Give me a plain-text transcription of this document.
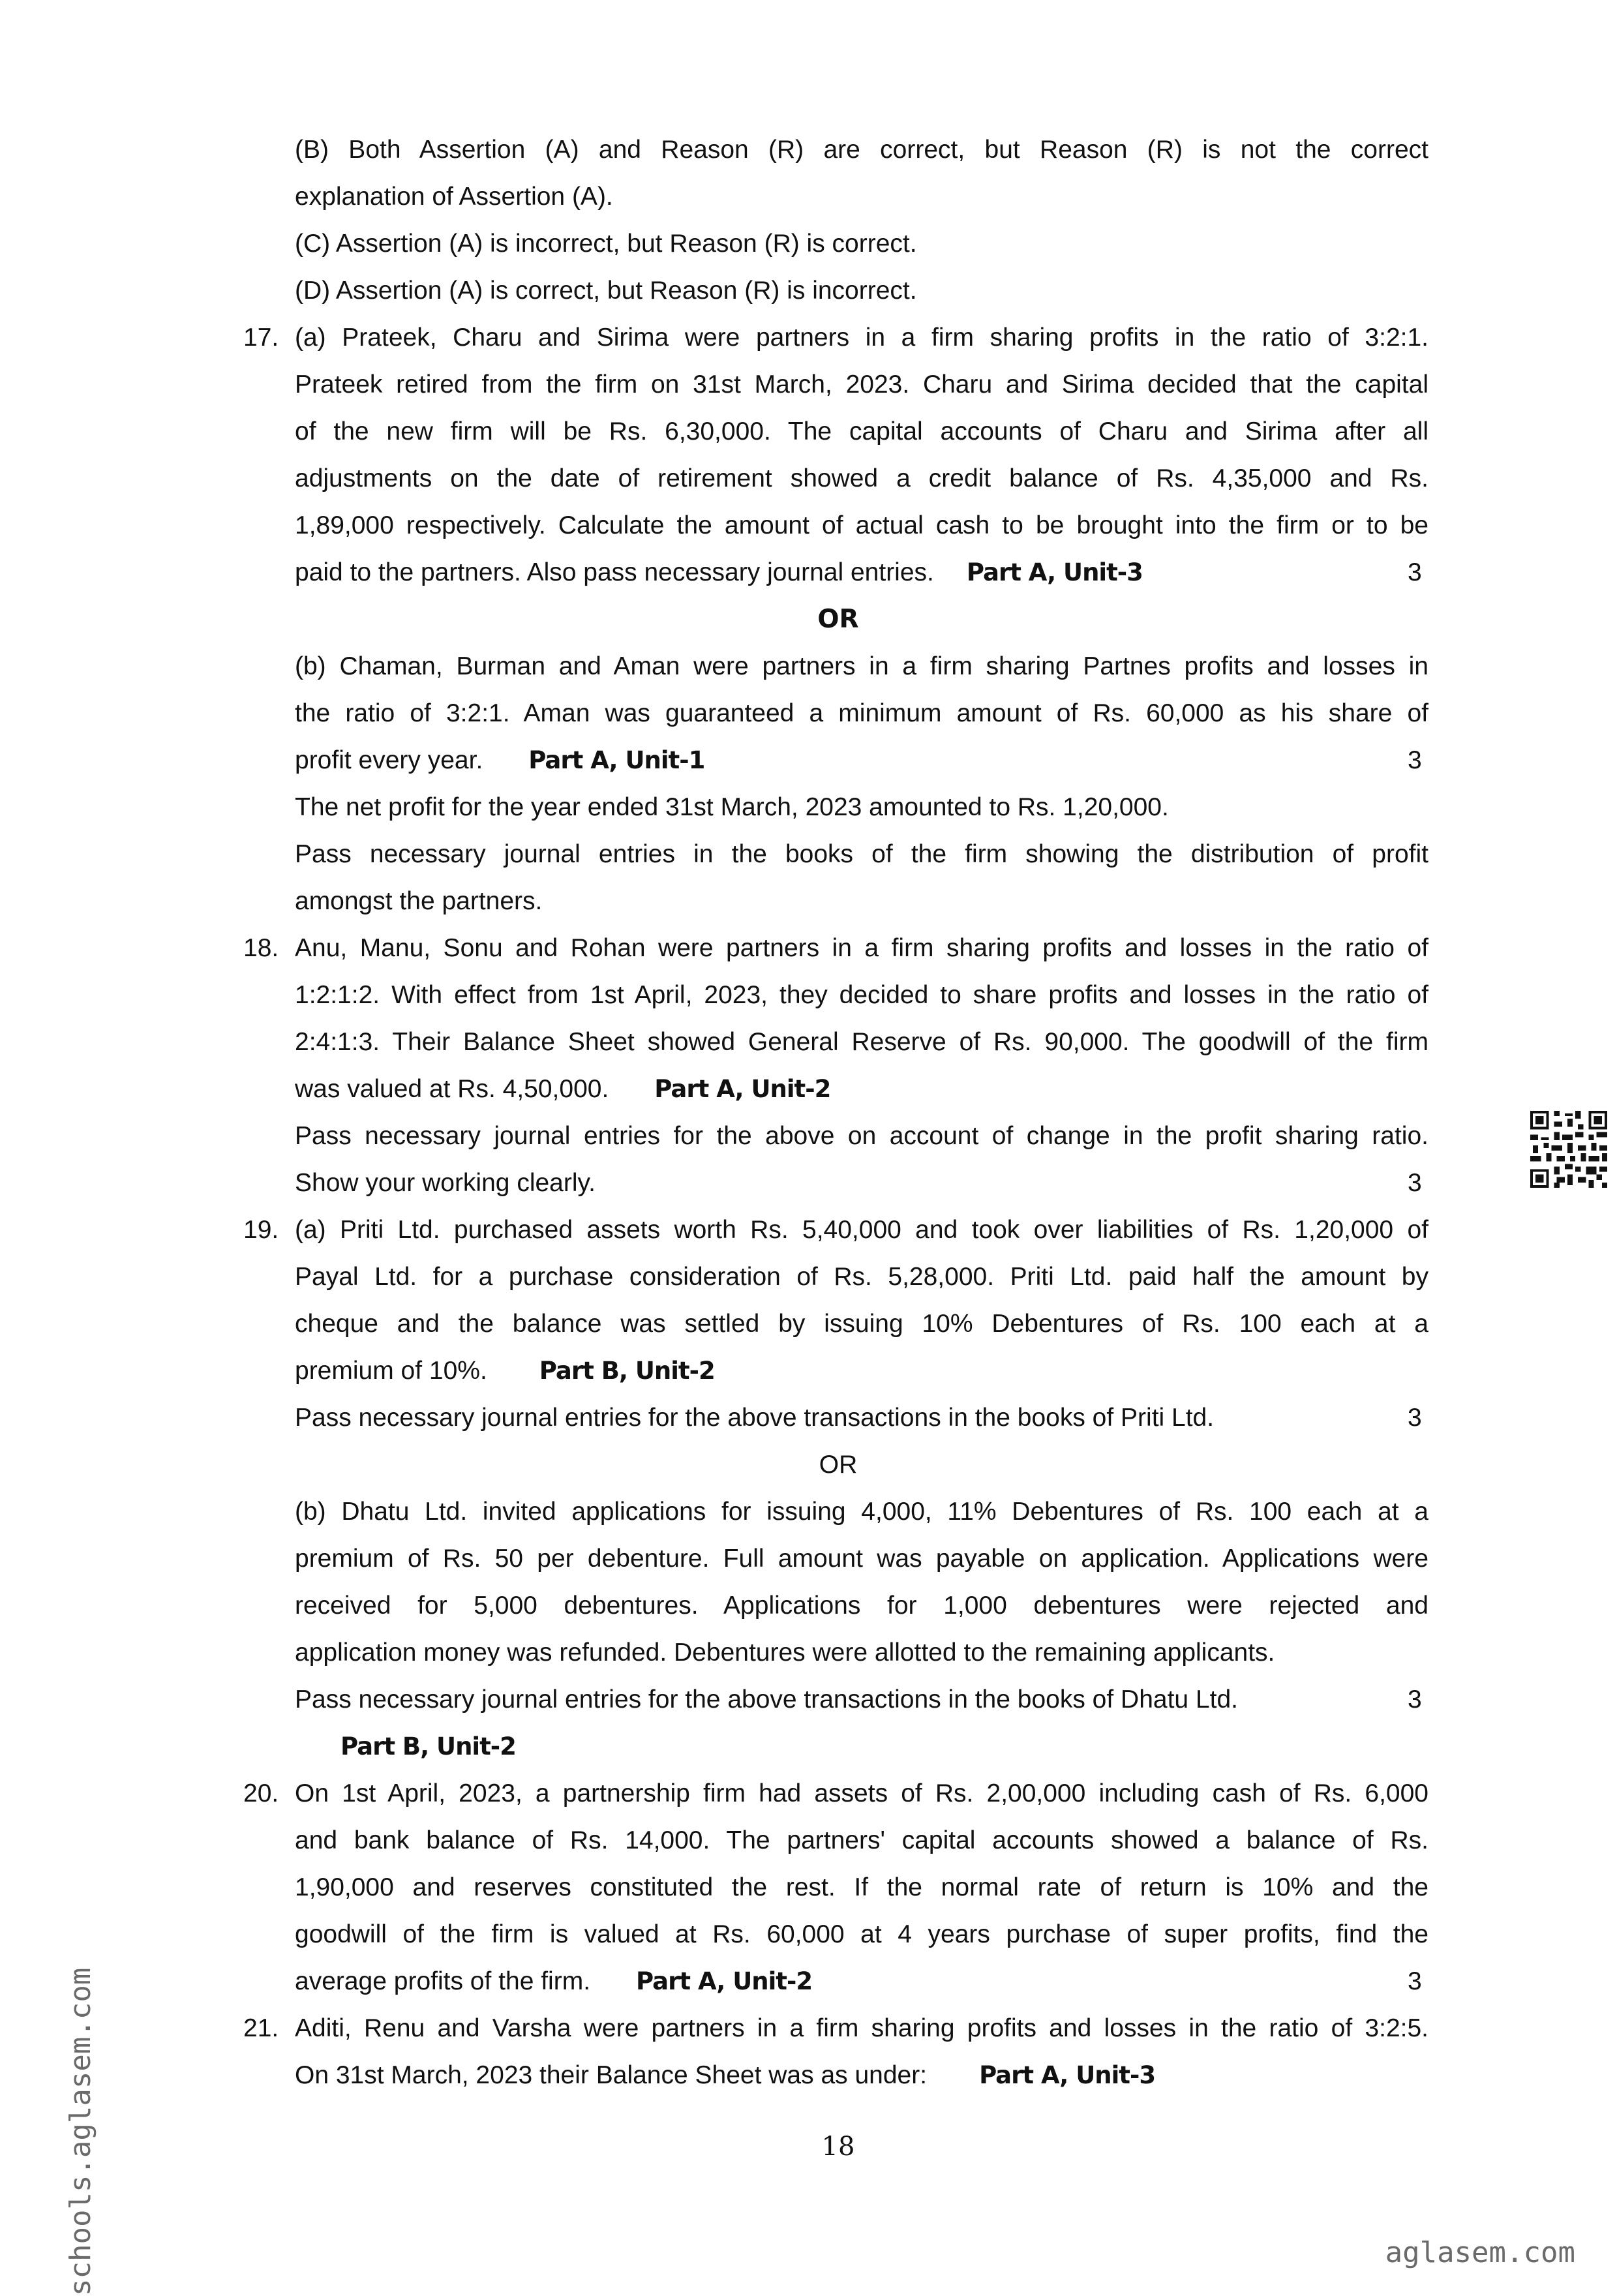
(B) Both Assertion (A) and Reason (R) are correct, but Reason (R) is not the correct
explanation of Assertion (A).
(C) Assertion (A) is incorrect, but Reason (R) is correct.
(D) Assertion (A) is correct, but Reason (R) is incorrect.
17. (a) Prateek, Charu and Sirima were partners in a firm sharing profits in the ratio of 3:2:1.
Prateek retired from the firm on 31st March, 2023. Charu and Sirima decided that the capital
of the new firm will be Rs. 6,30,000. The capital accounts of Charu and Sirima after all
adjustments on the date of retirement showed a credit balance of Rs. 4,35,000 and Rs.
1,89,000 respectively. Calculate the amount of actual cash to be brought into the firm or to be
paid to the partners. Also pass necessary journal entries. Part A, Unit-3	3
OR
(b) Chaman, Burman and Aman were partners in a firm sharing Partnes profits and losses in
the ratio of 3:2:1. Aman was guaranteed a minimum amount of Rs. 60,000 as his share of
profit every year. Part A, Unit-1	3
The net profit for the year ended 31st March, 2023 amounted to Rs. 1,20,000.
Pass necessary journal entries in the books of the firm showing the distribution of profit
amongst the partners.
18. Anu, Manu, Sonu and Rohan were partners in a firm sharing profits and losses in the ratio of
1:2:1:2. With effect from 1st April, 2023, they decided to share profits and losses in the ratio of
2:4:1:3. Their Balance Sheet showed General Reserve of Rs. 90,000. The goodwill of the firm
was valued at Rs. 4,50,000. Part A, Unit-2
Pass necessary journal entries for the above on account of change in the profit sharing ratio.
Show your working clearly.	3
19. (a) Priti Ltd. purchased assets worth Rs. 5,40,000 and took over liabilities of Rs. 1,20,000 of
Payal Ltd. for a purchase consideration of Rs. 5,28,000. Priti Ltd. paid half the amount by
cheque and the balance was settled by issuing 10% Debentures of Rs. 100 each at a
premium of 10%. Part B, Unit-2
Pass necessary journal entries for the above transactions in the books of Priti Ltd.	3
OR
(b) Dhatu Ltd. invited applications for issuing 4,000, 11% Debentures of Rs. 100 each at a
premium of Rs. 50 per debenture. Full amount was payable on application. Applications were
received for 5,000 debentures. Applications for 1,000 debentures were rejected and
application money was refunded. Debentures were allotted to the remaining applicants.
Pass necessary journal entries for the above transactions in the books of Dhatu Ltd.	3
Part B, Unit-2
20. On 1st April, 2023, a partnership firm had assets of Rs. 2,00,000 including cash of Rs. 6,000
and bank balance of Rs. 14,000. The partners' capital accounts showed a balance of Rs.
1,90,000 and reserves constituted the rest. If the normal rate of return is 10% and the
goodwill of the firm is valued at Rs. 60,000 at 4 years purchase of super profits, find the
average profits of the firm. Part A, Unit-2	3
21. Aditi, Renu and Varsha were partners in a firm sharing profits and losses in the ratio of 3:2:5.
On 31st March, 2023 their Balance Sheet was as under: Part A, Unit-3
18
schools.aglasem.com	aglasem.com
